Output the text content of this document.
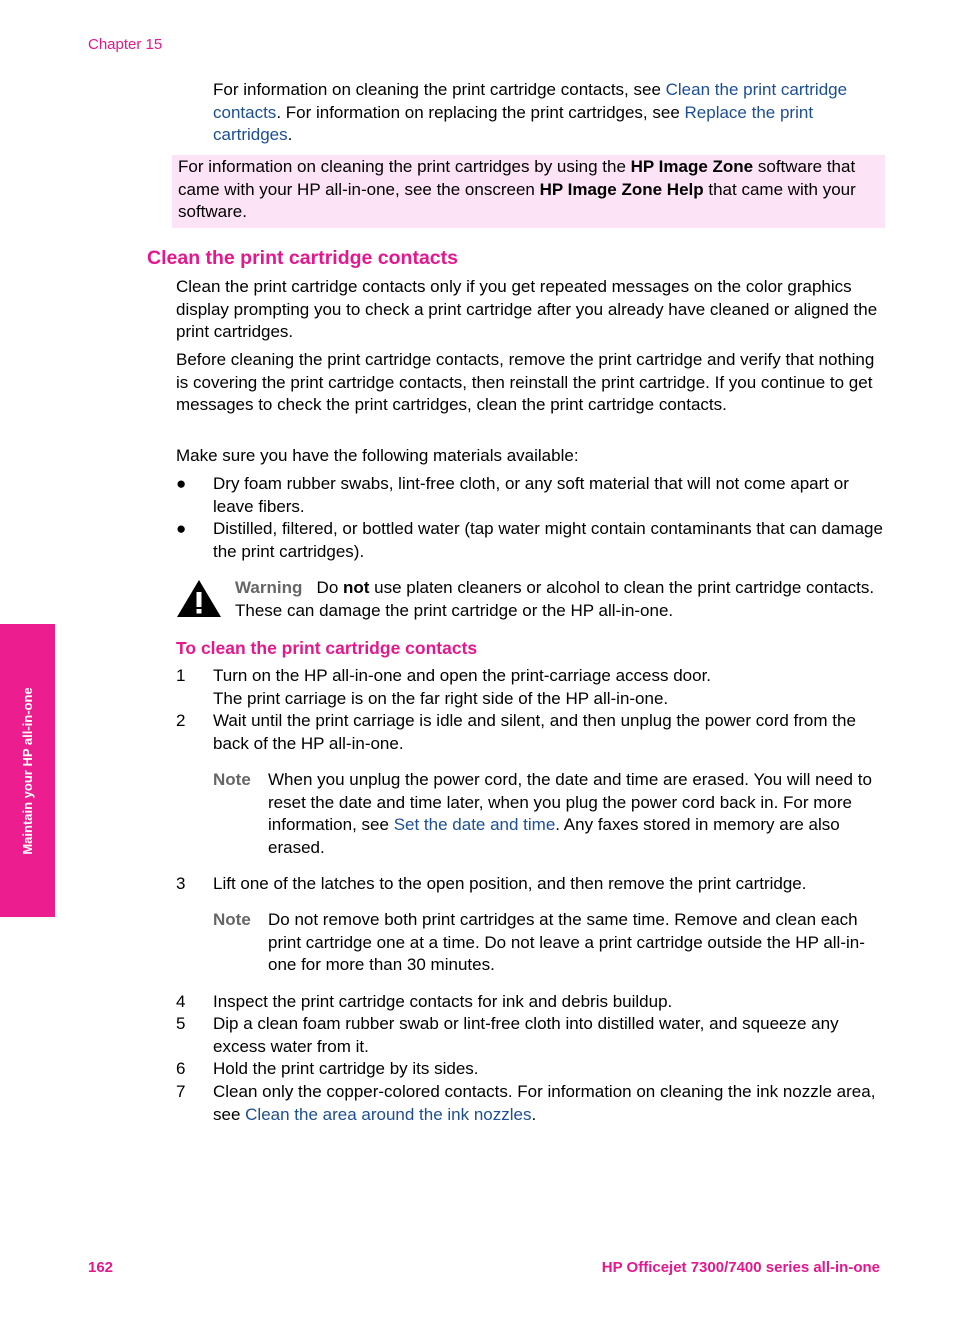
Chapter 15
Maintain your HP all-in-one
For information on cleaning the print cartridge contacts, see Clean the print cartridge contacts. For information on replacing the print cartridges, see Replace the print cartridges.
For information on cleaning the print cartridges by using the HP Image Zone software that came with your HP all-in-one, see the onscreen HP Image Zone Help that came with your software.
Clean the print cartridge contacts
Clean the print cartridge contacts only if you get repeated messages on the color graphics display prompting you to check a print cartridge after you already have cleaned or aligned the print cartridges.
Before cleaning the print cartridge contacts, remove the print cartridge and verify that nothing is covering the print cartridge contacts, then reinstall the print cartridge. If you continue to get messages to check the print cartridges, clean the print cartridge contacts.
Make sure you have the following materials available:
● Dry foam rubber swabs, lint-free cloth, or any soft material that will not come apart or leave fibers.
● Distilled, filtered, or bottled water (tap water might contain contaminants that can damage the print cartridges).
Warning Do not use platen cleaners or alcohol to clean the print cartridge contacts. These can damage the print cartridge or the HP all-in-one.
To clean the print cartridge contacts
1 Turn on the HP all-in-one and open the print-carriage access door.
The print carriage is on the far right side of the HP all-in-one.
2 Wait until the print carriage is idle and silent, and then unplug the power cord from the back of the HP all-in-one.
Note When you unplug the power cord, the date and time are erased. You will need to reset the date and time later, when you plug the power cord back in. For more information, see Set the date and time. Any faxes stored in memory are also erased.
3 Lift one of the latches to the open position, and then remove the print cartridge.
Note Do not remove both print cartridges at the same time. Remove and clean each print cartridge one at a time. Do not leave a print cartridge outside the HP all-in-one for more than 30 minutes.
4 Inspect the print cartridge contacts for ink and debris buildup.
5 Dip a clean foam rubber swab or lint-free cloth into distilled water, and squeeze any excess water from it.
6 Hold the print cartridge by its sides.
7 Clean only the copper-colored contacts. For information on cleaning the ink nozzle area, see Clean the area around the ink nozzles.
162	HP Officejet 7300/7400 series all-in-one
